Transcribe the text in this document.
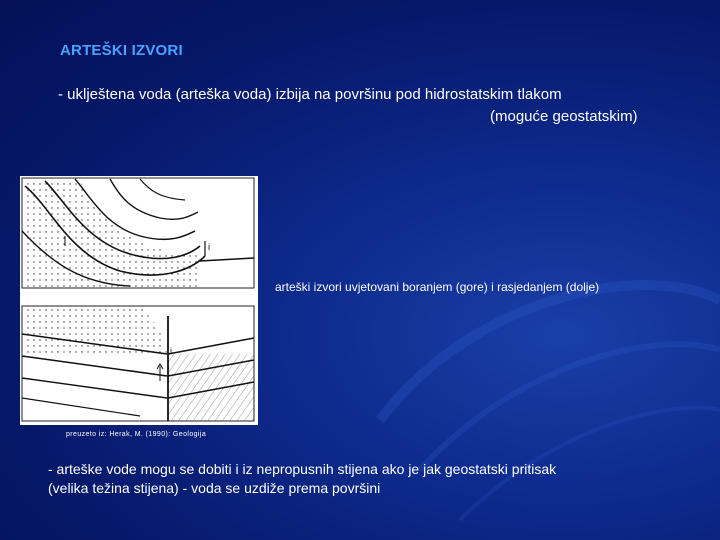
ARTEŠKI IZVORI
- uklještena voda (arteška voda) izbija na površinu pod hidrostatskim tlakom
(moguće geostatskim)
i
i
arteški izvori uvjetovani boranjem (gore) i rasjedanjem (dolje)
preuzeto iz: Herak, M. (1990): Geologija
- arteške vode mogu se dobiti i iz nepropusnih stijena ako je jak geostatski pritisak
(velika težina stijena) - voda se uzdiže prema površini
